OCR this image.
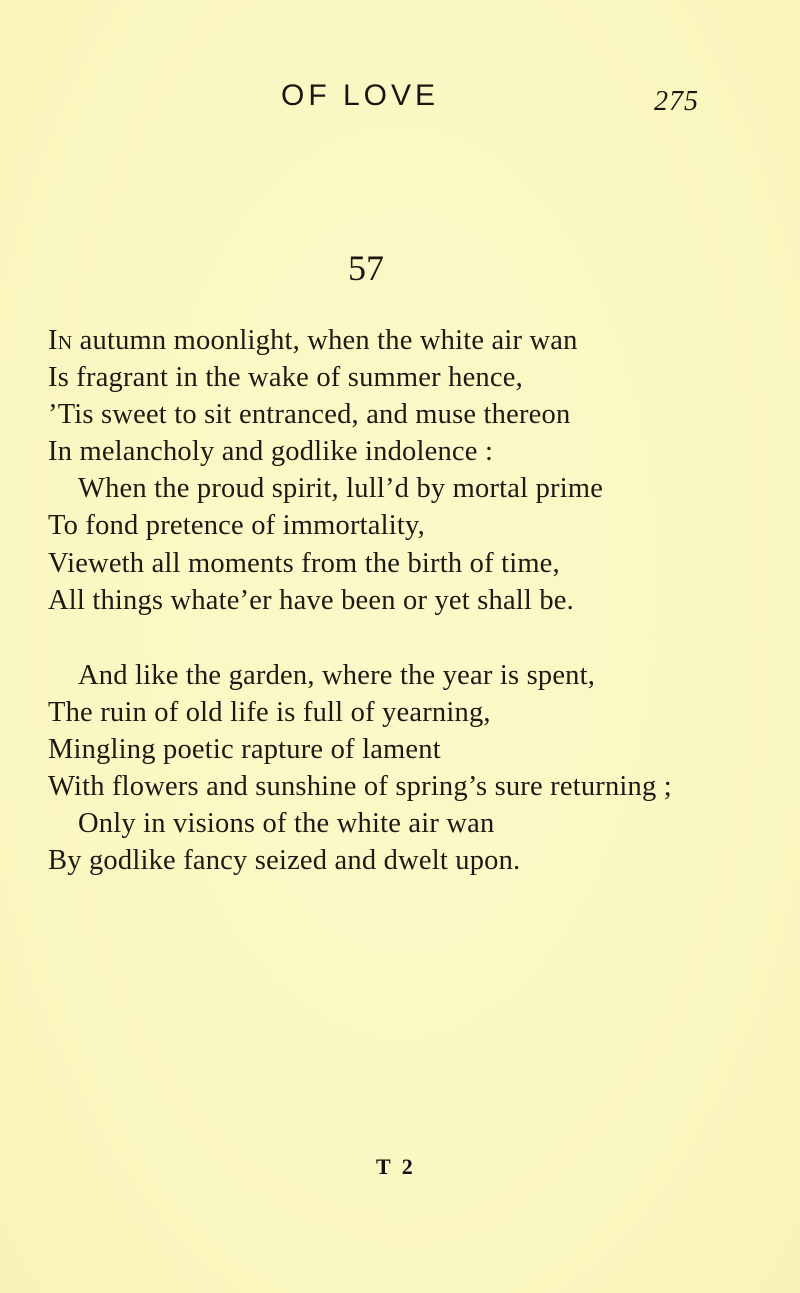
OF LOVE	275
57
In autumn moonlight, when the white air wan
Is fragrant in the wake of summer hence,
’Tis sweet to sit entranced, and muse thereon
In melancholy and godlike indolence :
When the proud spirit, lull’d by mortal prime
To fond pretence of immortality,
Vieweth all moments from the birth of time,
All things whate’er have been or yet shall be.
And like the garden, where the year is spent,
The ruin of old life is full of yearning,
Mingling poetic rapture of lament
With flowers and sunshine of spring’s sure returning ;
Only in visions of the white air wan
By godlike fancy seized and dwelt upon.
T 2
